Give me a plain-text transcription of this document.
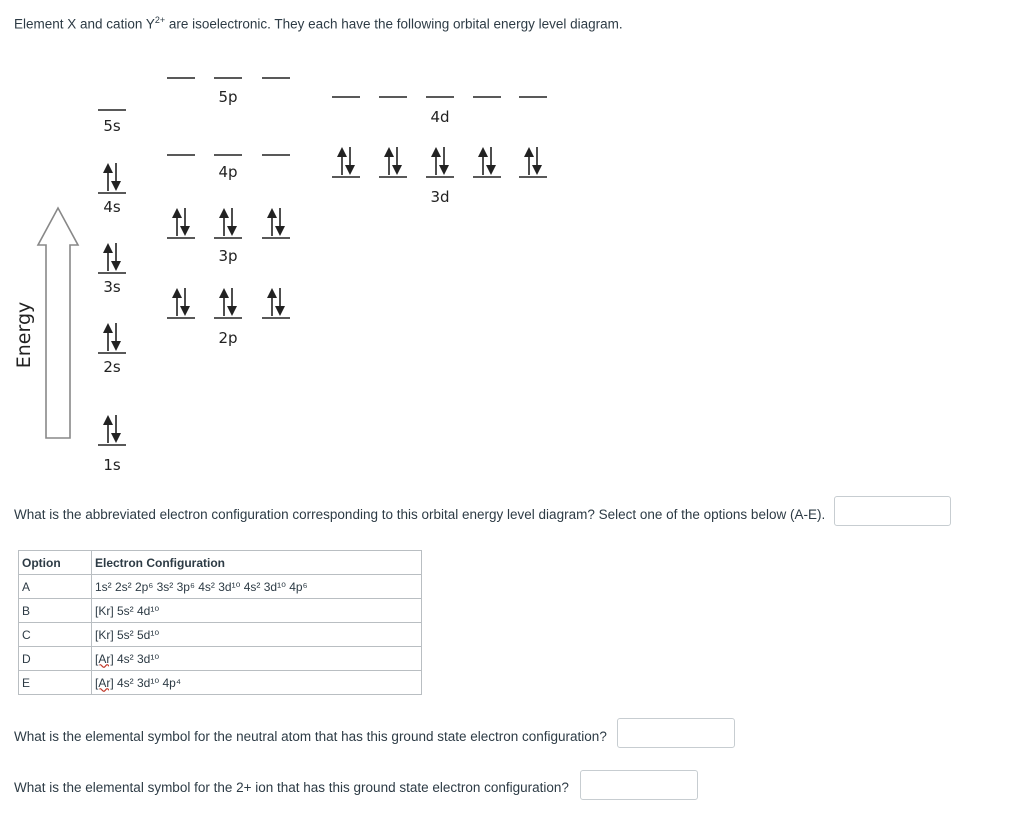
Element X and cation $Y^{2+}$ are isoelectronic. They each have the following orbital energy level diagram.
Energy
1s
2s
2p
3s
3p
4s
3d
4p
5s	4d
5p
What is the abbreviated electron configuration corresponding to this orbital energy level diagram? Select one of the options below (A-E).
Option	Electron Configuration
A	1s² 2s² 2p⁶ 3s² 3p⁶ 4s² 3d¹⁰ 4s² 3d¹⁰ 4p⁶
B	[Kr] 5s² 4d¹⁰
C	[Kr] 5s² 5d¹⁰
D	[Ar] 4s² 3d¹⁰
E	[Ar] 4s² 3d¹⁰ 4p⁴
What is the elemental symbol for the neutral atom that has this ground state electron configuration?
What is the elemental symbol for the 2+ ion that has this ground state electron configuration?
